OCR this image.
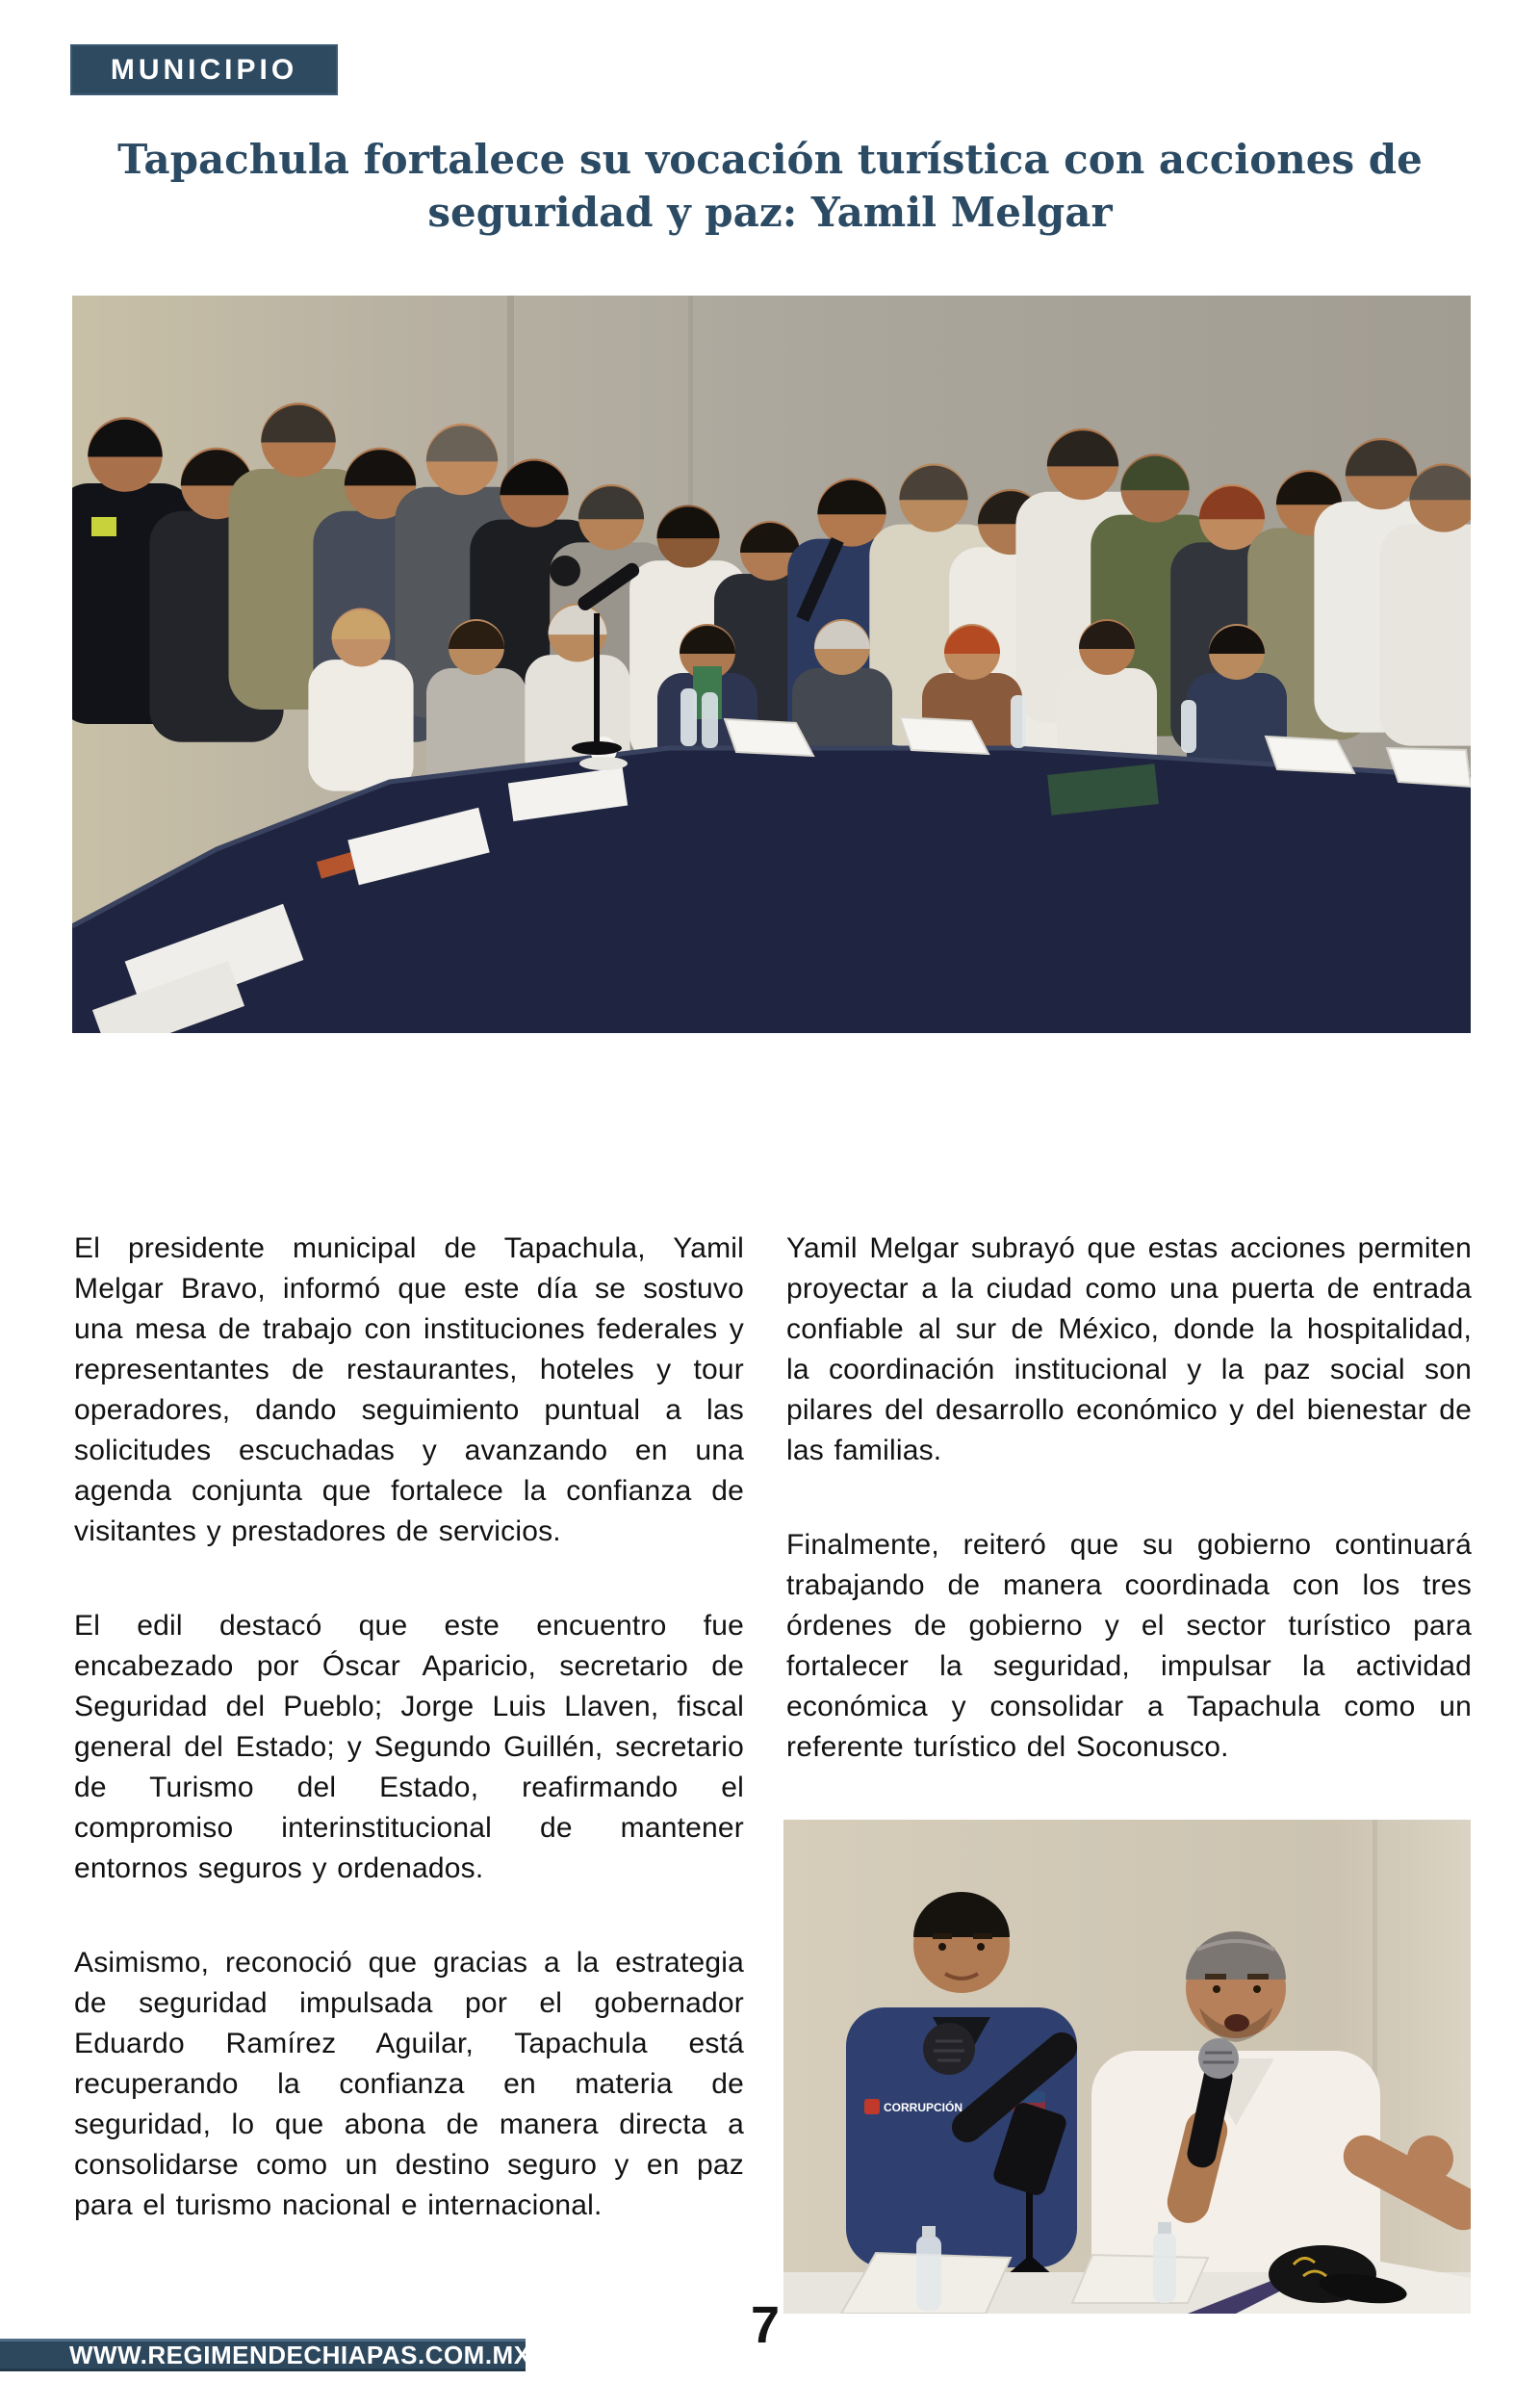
MUNICIPIO
Tapachula fortalece su vocación turística con acciones de
seguridad y paz: Yamil Melgar

El presidente municipal de Tapachula, Yamil Melgar Bravo, informó que este día se sostuvo una mesa de trabajo con instituciones federales y representantes de restaurantes, hoteles y tour operadores, dando seguimiento puntual a las solicitudes escuchadas y avanzando en una agenda conjunta que fortalece la confianza de visitantes y prestadores de servicios.

El edil destacó que este encuentro fue encabezado por Óscar Aparicio, secretario de Seguridad del Pueblo; Jorge Luis Llaven, fiscal general del Estado; y Segundo Guillén, secretario de Turismo del Estado, reafirmando el compromiso interinstitucional de mantener entornos seguros y ordenados.

Asimismo, reconoció que gracias a la estrategia de seguridad impulsada por el gobernador Eduardo Ramírez Aguilar, Tapachula está recuperando la confianza en materia de seguridad, lo que abona de manera directa a consolidarse como un destino seguro y en paz para el turismo nacional e internacional.

Yamil Melgar subrayó que estas acciones permiten proyectar a la ciudad como una puerta de entrada confiable al sur de México, donde la hospitalidad, la coordinación institucional y la paz social son pilares del desarrollo económico y del bienestar de las familias.

Finalmente, reiteró que su gobierno continuará trabajando de manera coordinada con los tres órdenes de gobierno y el sector turístico para fortalecer la seguridad, impulsar la actividad económica y consolidar a Tapachula como un referente turístico del Soconusco.

CORRUPCIÓN
WWW.REGIMENDECHIAPAS.COM.MX
7
